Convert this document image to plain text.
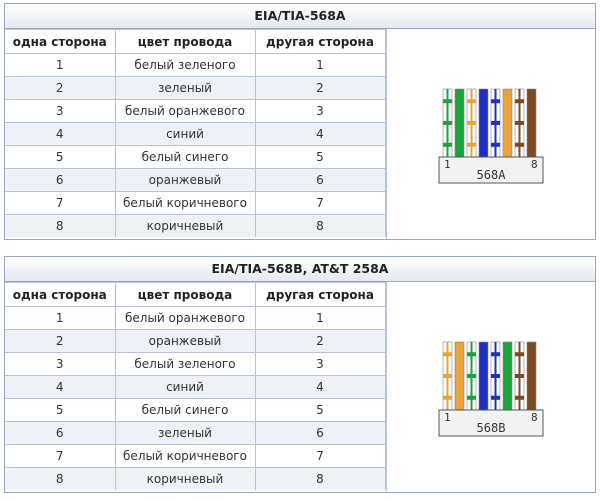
EIA/TIA-568A
одна сторона	цвет провода	другая сторона
1	белый зеленого	1
2	зеленый	2
3	белый оранжевого	3
4	синий	4
5	белый синего	5
6	оранжевый	6
7	белый коричневого	7
8	коричневый	8
1	8
568A
EIA/TIA-568B, AT&T 258A
одна сторона	цвет провода	другая сторона
1	белый оранжевого	1
2	оранжевый	2
3	белый зеленого	3
4	синий	4
5	белый синего	5
6	зеленый	6
7	белый коричневого	7
8	коричневый	8
1	8
568B
